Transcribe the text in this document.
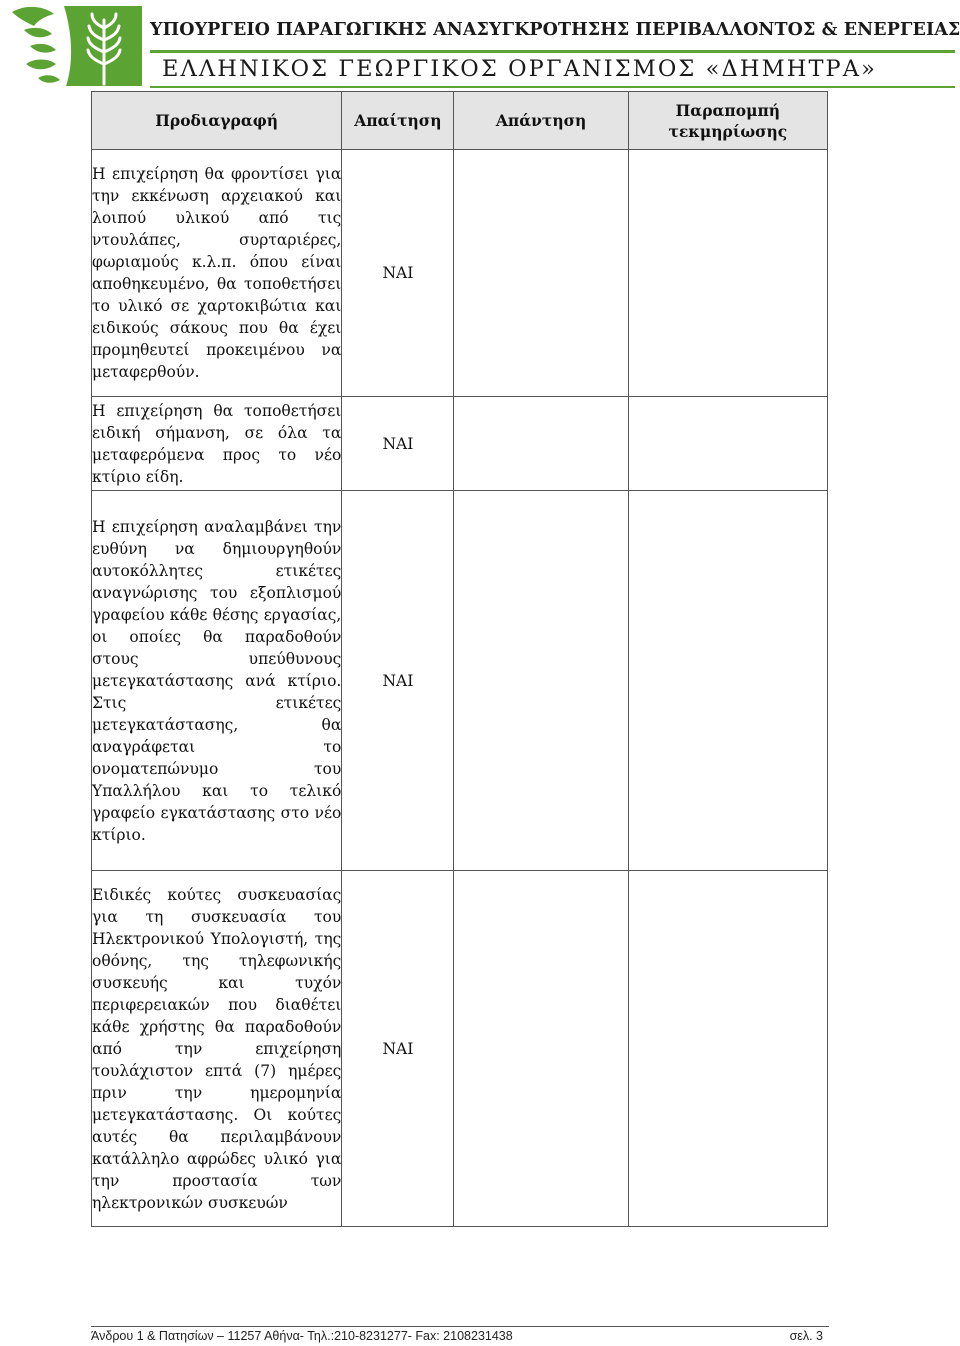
ΥΠΟΥΡΓΕΙΟ ΠΑΡΑΓΩΓΙΚΗΣ ΑΝΑΣΥΓΚΡΟΤΗΣΗΣ ΠΕΡΙΒΑΛΛΟΝΤΟΣ & ΕΝΕΡΓΕΙΑΣ
ΕΛΛΗΝΙΚΟΣ ΓΕΩΡΓΙΚΟΣ ΟΡΓΑΝΙΣΜΟΣ «ΔΗΜΗΤΡΑ»
Προδιαγραφή	Απαίτηση	Απάντηση	Παραπομπή τεκμηρίωσης
Η επιχείρηση θα φροντίσει για την εκκένωση αρχειακού και λοιπού υλικού από τις ντουλάπες, συρταριέρες, φωριαμούς κ.λ.π. όπου είναι αποθηκευμένο, θα τοποθετήσει το υλικό σε χαρτοκιβώτια και ειδικούς σάκους που θα έχει προμηθευτεί προκειμένου να μεταφερθούν.	ΝΑΙ		
Η επιχείρηση θα τοποθετήσει ειδική σήμανση, σε όλα τα μεταφερόμενα προς το νέο κτίριο είδη.	ΝΑΙ		
Η επιχείρηση αναλαμβάνει την ευθύνη να δημιουργηθούν αυτοκόλλητες ετικέτες αναγνώρισης του εξοπλισμού γραφείου κάθε θέσης εργασίας, οι οποίες θα παραδοθούν στους υπεύθυνους μετεγκατάστασης ανά κτίριο. Στις ετικέτες μετεγκατάστασης, θα αναγράφεται το ονοματεπώνυμο του Υπαλλήλου και το τελικό γραφείο εγκατάστασης στο νέο κτίριο.	ΝΑΙ		
Ειδικές κούτες συσκευασίας για τη συσκευασία του Ηλεκτρονικού Υπολογιστή, της οθόνης, της τηλεφωνικής συσκευής και τυχόν περιφερειακών που διαθέτει κάθε χρήστης θα παραδοθούν από την επιχείρηση τουλάχιστον επτά (7) ημέρες πριν την ημερομηνία μετεγκατάστασης. Οι κούτες αυτές θα περιλαμβάνουν κατάλληλο αφρώδες υλικό για την προστασία των ηλεκτρονικών συσκευών	ΝΑΙ		
Άνδρου 1 & Πατησίων – 11257 Αθήνα- Τηλ.:210-8231277- Fax: 2108231438	σελ. 3
